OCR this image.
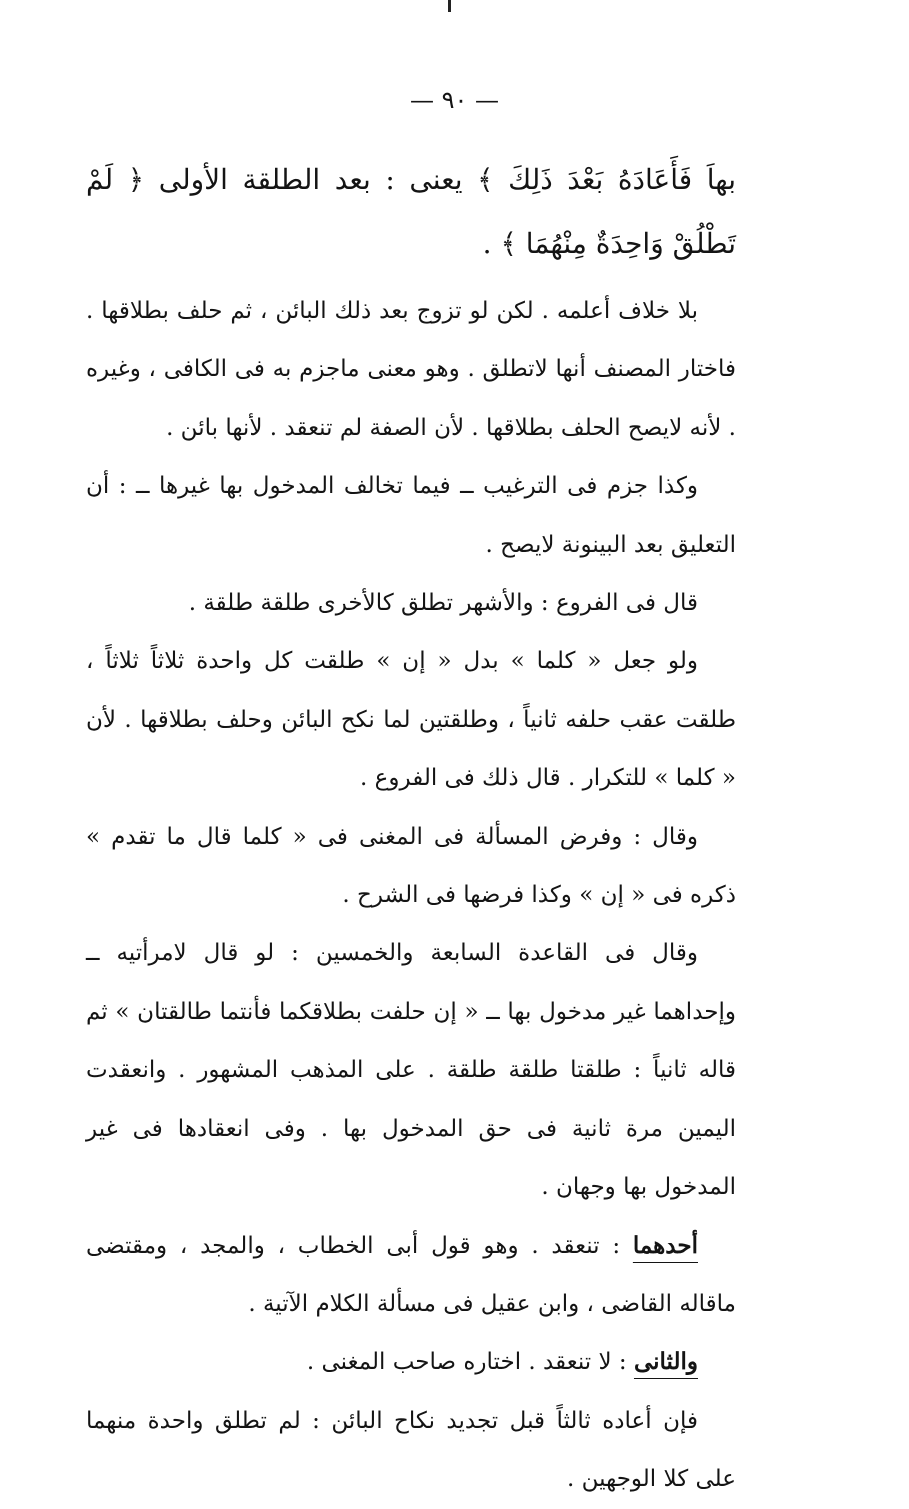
— ٩٠ —

بهاَ فَأَعَادَهُ بَعْدَ ذَلِكَ ﴾ يعنى : بعد الطلقة الأولى ﴿ لَمْ تَطْلُقْ وَاحِدَةٌ مِنْهُمَا ﴾ .

بلا خلاف أعلمه . لكن لو تزوج بعد ذلك البائن ، ثم حلف بطلاقها . فاختار المصنف أنها لاتطلق . وهو معنى ماجزم به فى الكافى ، وغيره . لأنه لايصح الحلف بطلاقها . لأن الصفة لم تنعقد . لأنها بائن .

وكذا جزم فى الترغيب ــ فيما تخالف المدخول بها غيرها ــ : أن التعليق بعد البينونة لايصح .

قال فى الفروع : والأشهر تطلق كالأخرى طلقة طلقة .

ولو جعل « كلما » بدل « إن » طلقت كل واحدة ثلاثاً ثلاثاً ، طلقت عقب حلفه ثانياً ، وطلقتين لما نكح البائن وحلف بطلاقها . لأن « كلما » للتكرار . قال ذلك فى الفروع .

وقال : وفرض المسألة فى المغنى فى « كلما قال ما تقدم » ذكره فى « إن » وكذا فرضها فى الشرح .

وقال فى القاعدة السابعة والخمسين : لو قال لامرأتيه ــ وإحداهما غير مدخول بها ــ « إن حلفت بطلاقكما فأنتما طالقتان » ثم قاله ثانياً : طلقتا طلقة طلقة . على المذهب المشهور . وانعقدت اليمين مرة ثانية فى حق المدخول بها . وفى انعقادها فى غير المدخول بها وجهان .

أحدهما : تنعقد . وهو قول أبى الخطاب ، والمجد ، ومقتضى ماقاله القاضى ، وابن عقيل فى مسألة الكلام الآتية .

والثانى : لا تنعقد . اختاره صاحب المغنى .

فإن أعاده ثالثاً قبل تجديد نكاح البائن : لم تطلق واحدة منهما على كلا الوجهين .
